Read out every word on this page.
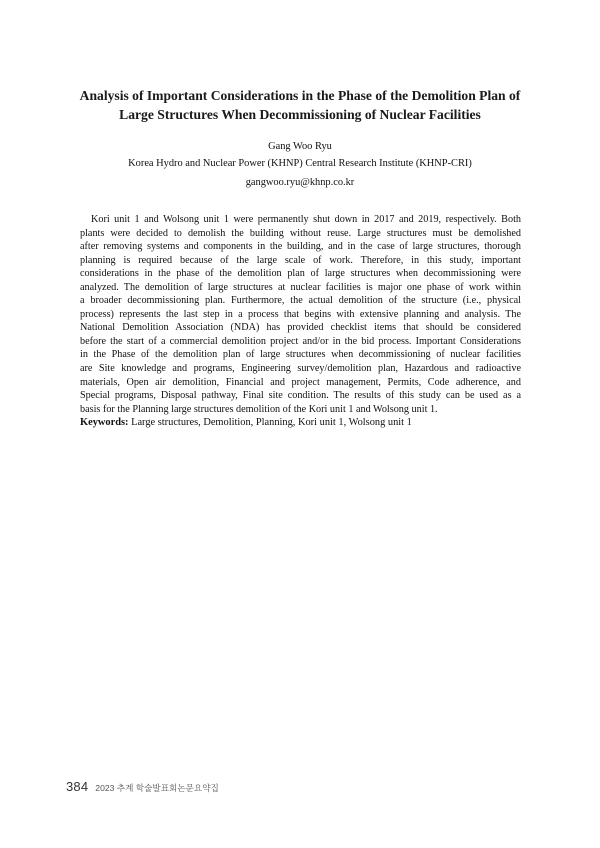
Analysis of Important Considerations in the Phase of the Demolition Plan of
Large Structures When Decommissioning of Nuclear Facilities
Gang Woo Ryu
Korea Hydro and Nuclear Power (KHNP) Central Research Institute (KHNP-CRI)
gangwoo.ryu@khnp.co.kr
Kori unit 1 and Wolsong unit 1 were permanently shut down in 2017 and 2019, respectively. Both
plants were decided to demolish the building without reuse. Large structures must be demolished
after removing systems and components in the building, and in the case of large structures, thorough
planning is required because of the large scale of work. Therefore, in this study, important
considerations in the phase of the demolition plan of large structures when decommissioning were
analyzed. The demolition of large structures at nuclear facilities is major one phase of work within
a broader decommissioning plan. Furthermore, the actual demolition of the structure (i.e., physical
process) represents the last step in a process that begins with extensive planning and analysis. The
National Demolition Association (NDA) has provided checklist items that should be considered
before the start of a commercial demolition project and/or in the bid process. Important Considerations
in the Phase of the demolition plan of large structures when decommissioning of nuclear facilities
are Site knowledge and programs, Engineering survey/demolition plan, Hazardous and radioactive
materials, Open air demolition, Financial and project management, Permits, Code adherence, and
Special programs, Disposal pathway, Final site condition. The results of this study can be used as a
basis for the Planning large structures demolition of the Kori unit 1 and Wolsong unit 1.
Keywords: Large structures, Demolition, Planning, Kori unit 1, Wolsong unit 1
384 2023 추계 학술발표회논문요약집
